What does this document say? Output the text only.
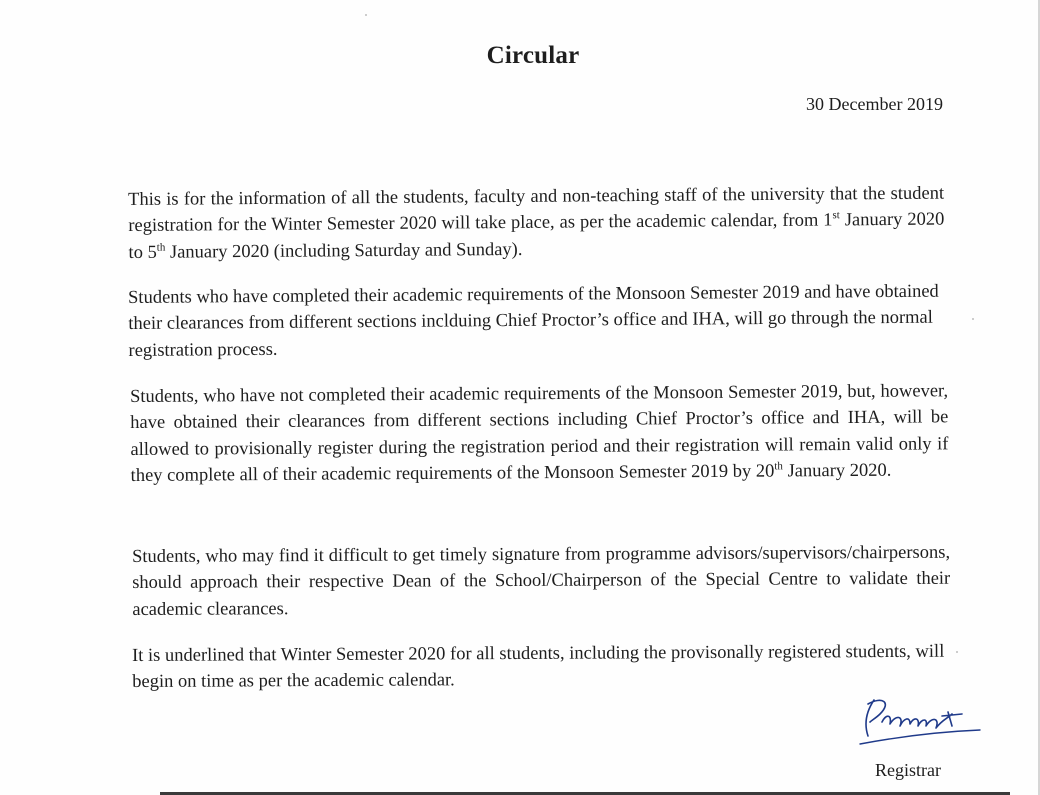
Circular
30 December 2019
This is for the information of all the students, faculty and non-teaching staff of the university that the student registration for the Winter Semester 2020 will take place, as per the academic calendar, from 1st January 2020 to 5th January 2020 (including Saturday and Sunday).
Students who have completed their academic requirements of the Monsoon Semester 2019 and have obtained their clearances from different sections inclduing Chief Proctor’s office and IHA, will go through the normal registration process.
Students, who have not completed their academic requirements of the Monsoon Semester 2019, but, however, have obtained their clearances from different sections including Chief Proctor’s office and IHA, will be allowed to provisionally register during the registration period and their registration will remain valid only if they complete all of their academic requirements of the Monsoon Semester 2019 by 20th January 2020.
Students, who may find it difficult to get timely signature from programme advisors/supervisors/chairpersons, should approach their respective Dean of the School/Chairperson of the Special Centre to validate their academic clearances.
It is underlined that Winter Semester 2020 for all students, including the provisonally registered students, will begin on time as per the academic calendar.
Registrar
